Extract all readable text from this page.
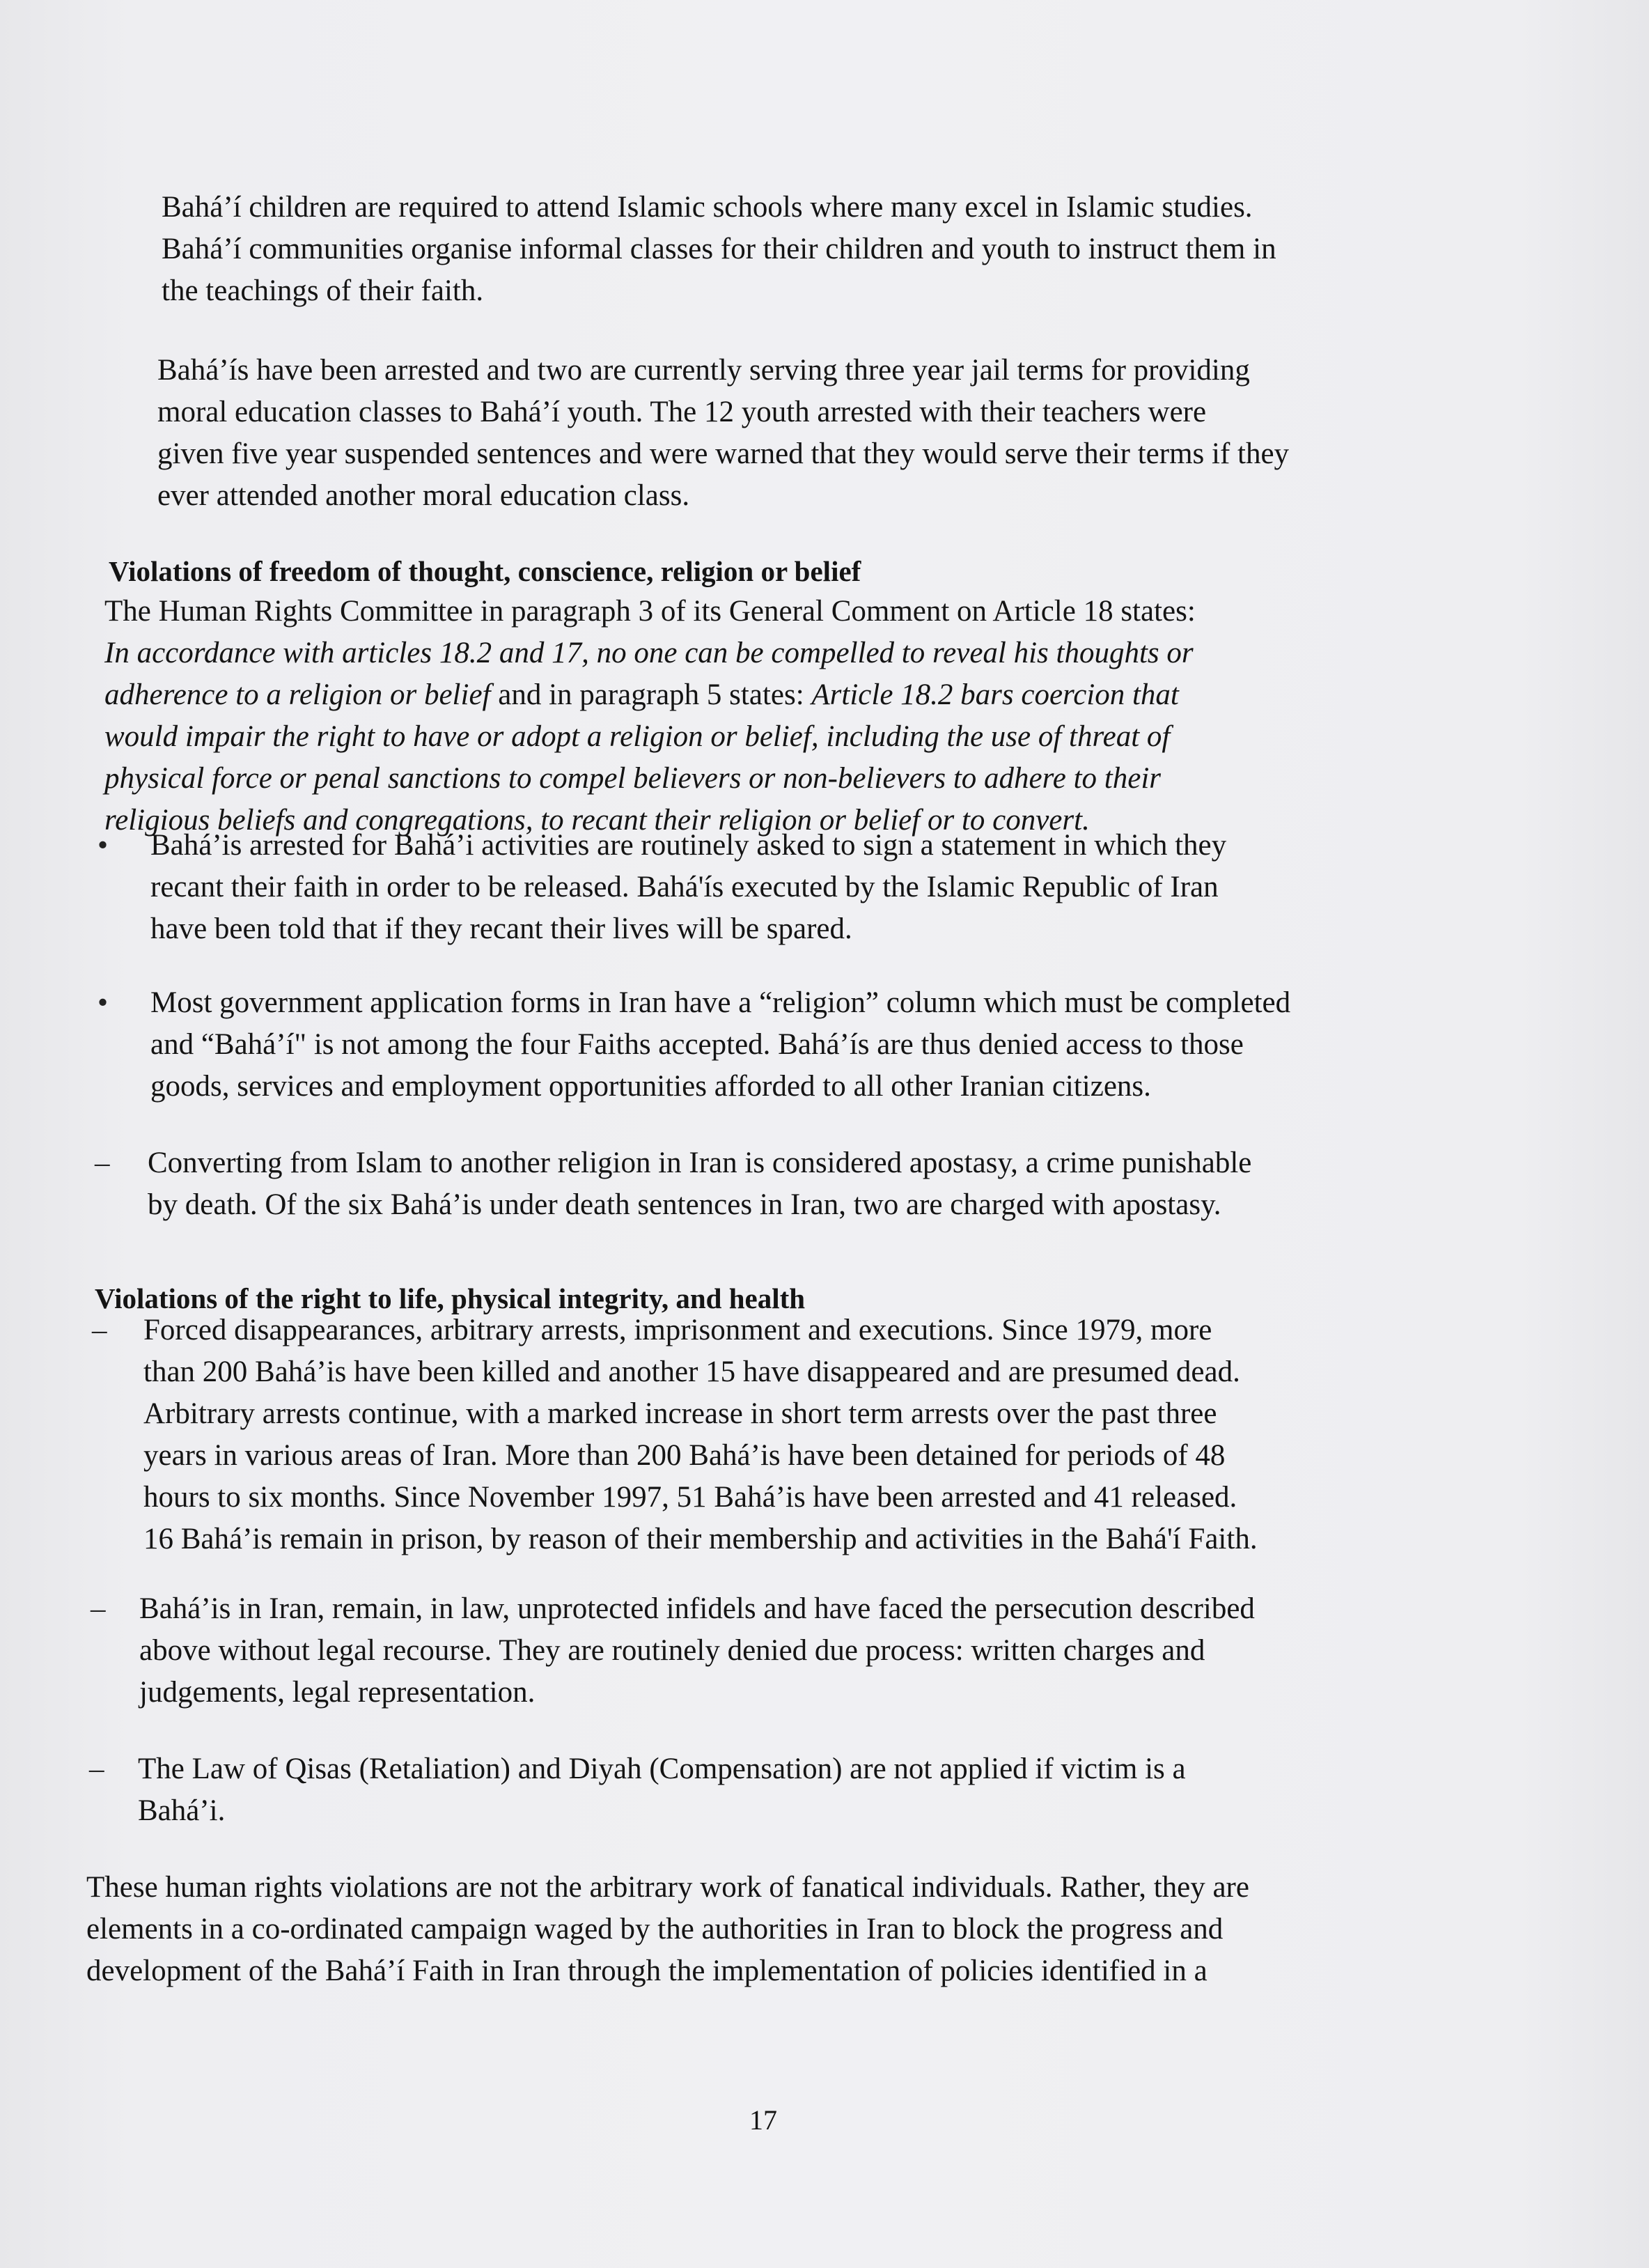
Bahá’í children are required to attend Islamic schools where many excel in Islamic studies.

Bahá’í communities organise informal classes for their children and youth to instruct them in

the teachings of their faith.

Bahá’ís have been arrested and two are currently serving three year jail terms for providing

moral education classes to Bahá’í youth. The 12 youth arrested with their teachers were

given five year suspended sentences and were warned that they would serve their terms if they

ever attended another moral education class.

Violations of freedom of thought, conscience, religion or belief

The Human Rights Committee in paragraph 3 of its General Comment on Article 18 states:

In accordance with articles 18.2 and 17, no one can be compelled to reveal his thoughts or

adherence to a religion or belief and in paragraph 5 states: Article 18.2 bars coercion that

would impair the right to have or adopt a religion or belief, including the use of threat of

physical force or penal sanctions to compel believers or non-believers to adhere to their

religious beliefs and congregations, to recant their religion or belief or to convert.

• Bahá’is arrested for Bahá’i activities are routinely asked to sign a statement in which they

recant their faith in order to be released. Bahá'ís executed by the Islamic Republic of Iran

have been told that if they recant their lives will be spared.

• Most government application forms in Iran have a “religion” column which must be completed

and “Bahá’í" is not among the four Faiths accepted. Bahá’ís are thus denied access to those

goods, services and employment opportunities afforded to all other Iranian citizens.

– Converting from Islam to another religion in Iran is considered apostasy, a crime punishable

by death. Of the six Bahá’is under death sentences in Iran, two are charged with apostasy.

Violations of the right to life, physical integrity, and health
– Forced disappearances, arbitrary arrests, imprisonment and executions. Since 1979, more

than 200 Bahá’is have been killed and another 15 have disappeared and are presumed dead.

Arbitrary arrests continue, with a marked increase in short term arrests over the past three

years in various areas of Iran. More than 200 Bahá’is have been detained for periods of 48

hours to six months. Since November 1997, 51 Bahá’is have been arrested and 41 released.

16 Bahá’is remain in prison, by reason of their membership and activities in the Bahá'í Faith.

– Bahá’is in Iran, remain, in law, unprotected infidels and have faced the persecution described

above without legal recourse. They are routinely denied due process: written charges and

judgements, legal representation.

– The Law of Qisas (Retaliation) and Diyah (Compensation) are not applied if victim is a

Bahá’i.

These human rights violations are not the arbitrary work of fanatical individuals. Rather, they are

elements in a co-ordinated campaign waged by the authorities in Iran to block the progress and

development of the Bahá’í Faith in Iran through the implementation of policies identified in a

17
